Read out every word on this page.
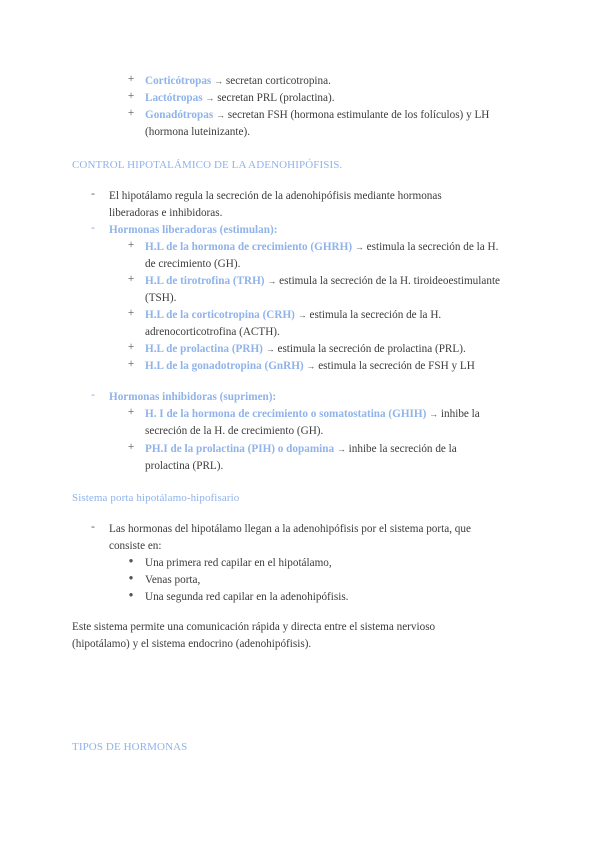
+ Corticótropas → secretan corticotropina.
+ Lactótropas → secretan PRL (prolactina).
+ Gonadótropas → secretan FSH (hormona estimulante de los folículos) y LH
(hormona luteinizante).
CONTROL HIPOTALÁMICO DE LA ADENOHIPÓFISIS.
-	El hipotálamo regula la secreción de la adenohipófisis mediante hormonas
liberadoras e inhibidoras.
-	Hormonas liberadoras (estimulan):
+ H.L de la hormona de crecimiento (GHRH) → estimula la secreción de la H.
de crecimiento (GH).
+ H.L de tirotrofina (TRH) → estimula la secreción de la H. tiroideoestimulante
(TSH).
+ H.L de la corticotropina (CRH) → estimula la secreción de la H.
adrenocorticotrofina (ACTH).
+ H.L de prolactina (PRH) → estimula la secreción de prolactina (PRL).
+ H.L de la gonadotropina (GnRH) → estimula la secreción de FSH y LH
-	Hormonas inhibidoras (suprimen):
+ H. I de la hormona de crecimiento o somatostatina (GHIH) → inhibe la
secreción de la H. de crecimiento (GH).
+ PH.I de la prolactina (PIH) o dopamina → inhibe la secreción de la
prolactina (PRL).
Sistema porta hipotálamo-hipofisario
-	Las hormonas del hipotálamo llegan a la adenohipófisis por el sistema porta, que
consiste en:
●	Una primera red capilar en el hipotálamo,
●	Venas porta,
●	Una segunda red capilar en la adenohipófisis.
Este sistema permite una comunicación rápida y directa entre el sistema nervioso
(hipotálamo) y el sistema endocrino (adenohipófisis).
TIPOS DE HORMONAS
